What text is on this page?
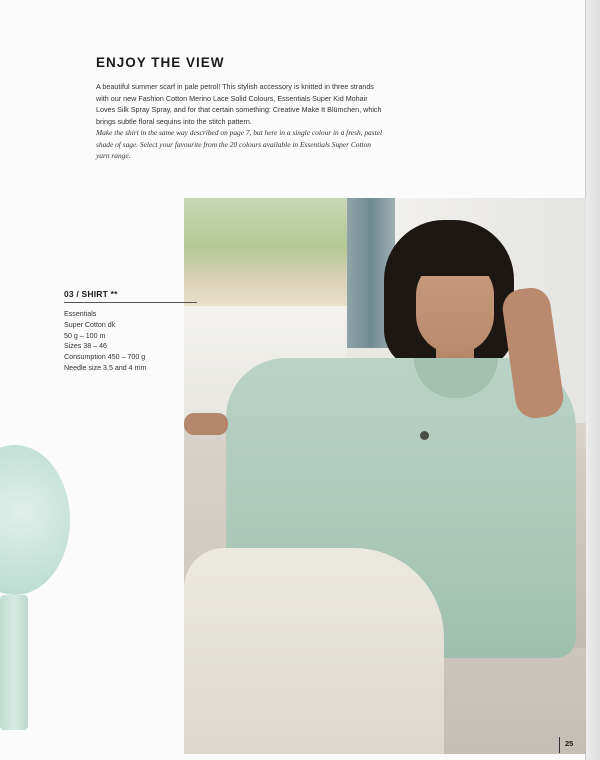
ENJOY THE VIEW
A beautiful summer scarf in pale petrol! This stylish accessory is knitted in three strands
with our new Fashion Cotton Merino Lace Solid Colours, Essentials Super Kid Mohair
Loves Silk Spray Spray, and for that certain something: Creative Make It Blümchen, which
brings subtle floral sequins into the stitch pattern.
Make the shirt in the same way described on page 7, but here in a single colour in a fresh, pastel
shade of sage. Select your favourite from the 20 colours available in Essentials Super Cotton
yarn range.
03 / SHIRT **
Essentials
Super Cotton dk
50 g – 100 m
Sizes 38 – 46
Consumption 450 – 700 g
Needle size 3.5 and 4 mm
25
